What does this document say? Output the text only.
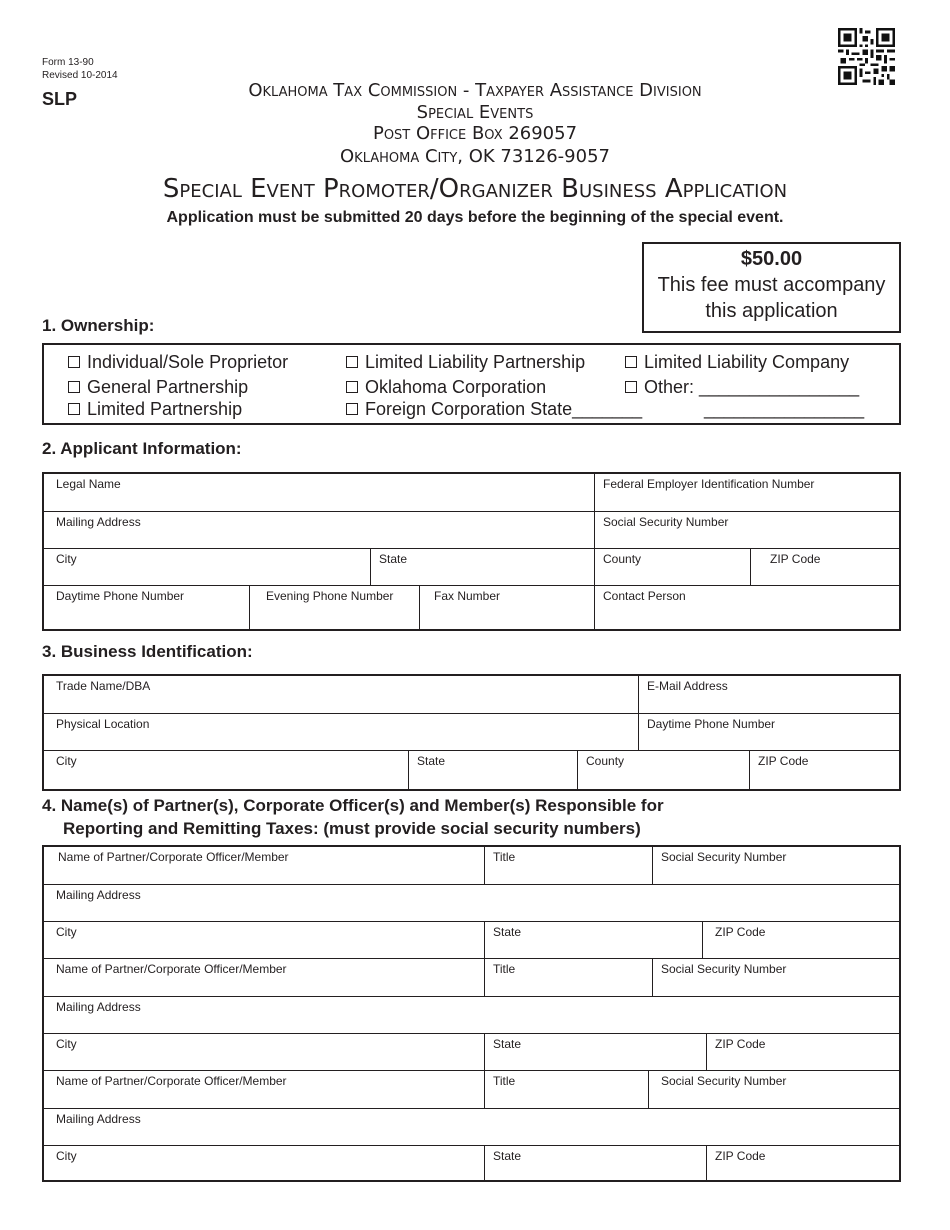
Form 13-90
Revised 10-2014
SLP	Oklahoma Tax Commission - Taxpayer Assistance Division
Special Events
Post Office Box 269057
Oklahoma City, OK 73126-9057
Special Event Promoter/Organizer Business Application
Application must be submitted 20 days before the beginning of the special event.
$50.00
This fee must accompany
this application
1. Ownership:
Individual/Sole Proprietor
General Partnership
Limited Partnership
Limited Liability Partnership
Oklahoma Corporation
Foreign Corporation State_______
Limited Liability Company
Other: ________________
________________
2. Applicant Information:
Legal Name	Federal Employer Identification Number
Mailing Address	Social Security Number
City	State	County	ZIP Code
Daytime Phone Number	Evening Phone Number	Fax Number	Contact Person
3. Business Identification:
Trade Name/DBA	E-Mail Address
Physical Location	Daytime Phone Number
City	State	County	ZIP Code
4. Name(s) of Partner(s), Corporate Officer(s) and Member(s) Responsible for
Reporting and Remitting Taxes: (must provide social security numbers)
Name of Partner/Corporate Officer/Member	Title	Social Security Number
Mailing Address
City	State	ZIP Code
Name of Partner/Corporate Officer/Member	Title	Social Security Number
Mailing Address
City	State	ZIP Code
Name of Partner/Corporate Officer/Member	Title	Social Security Number
Mailing Address
City	State	ZIP Code
